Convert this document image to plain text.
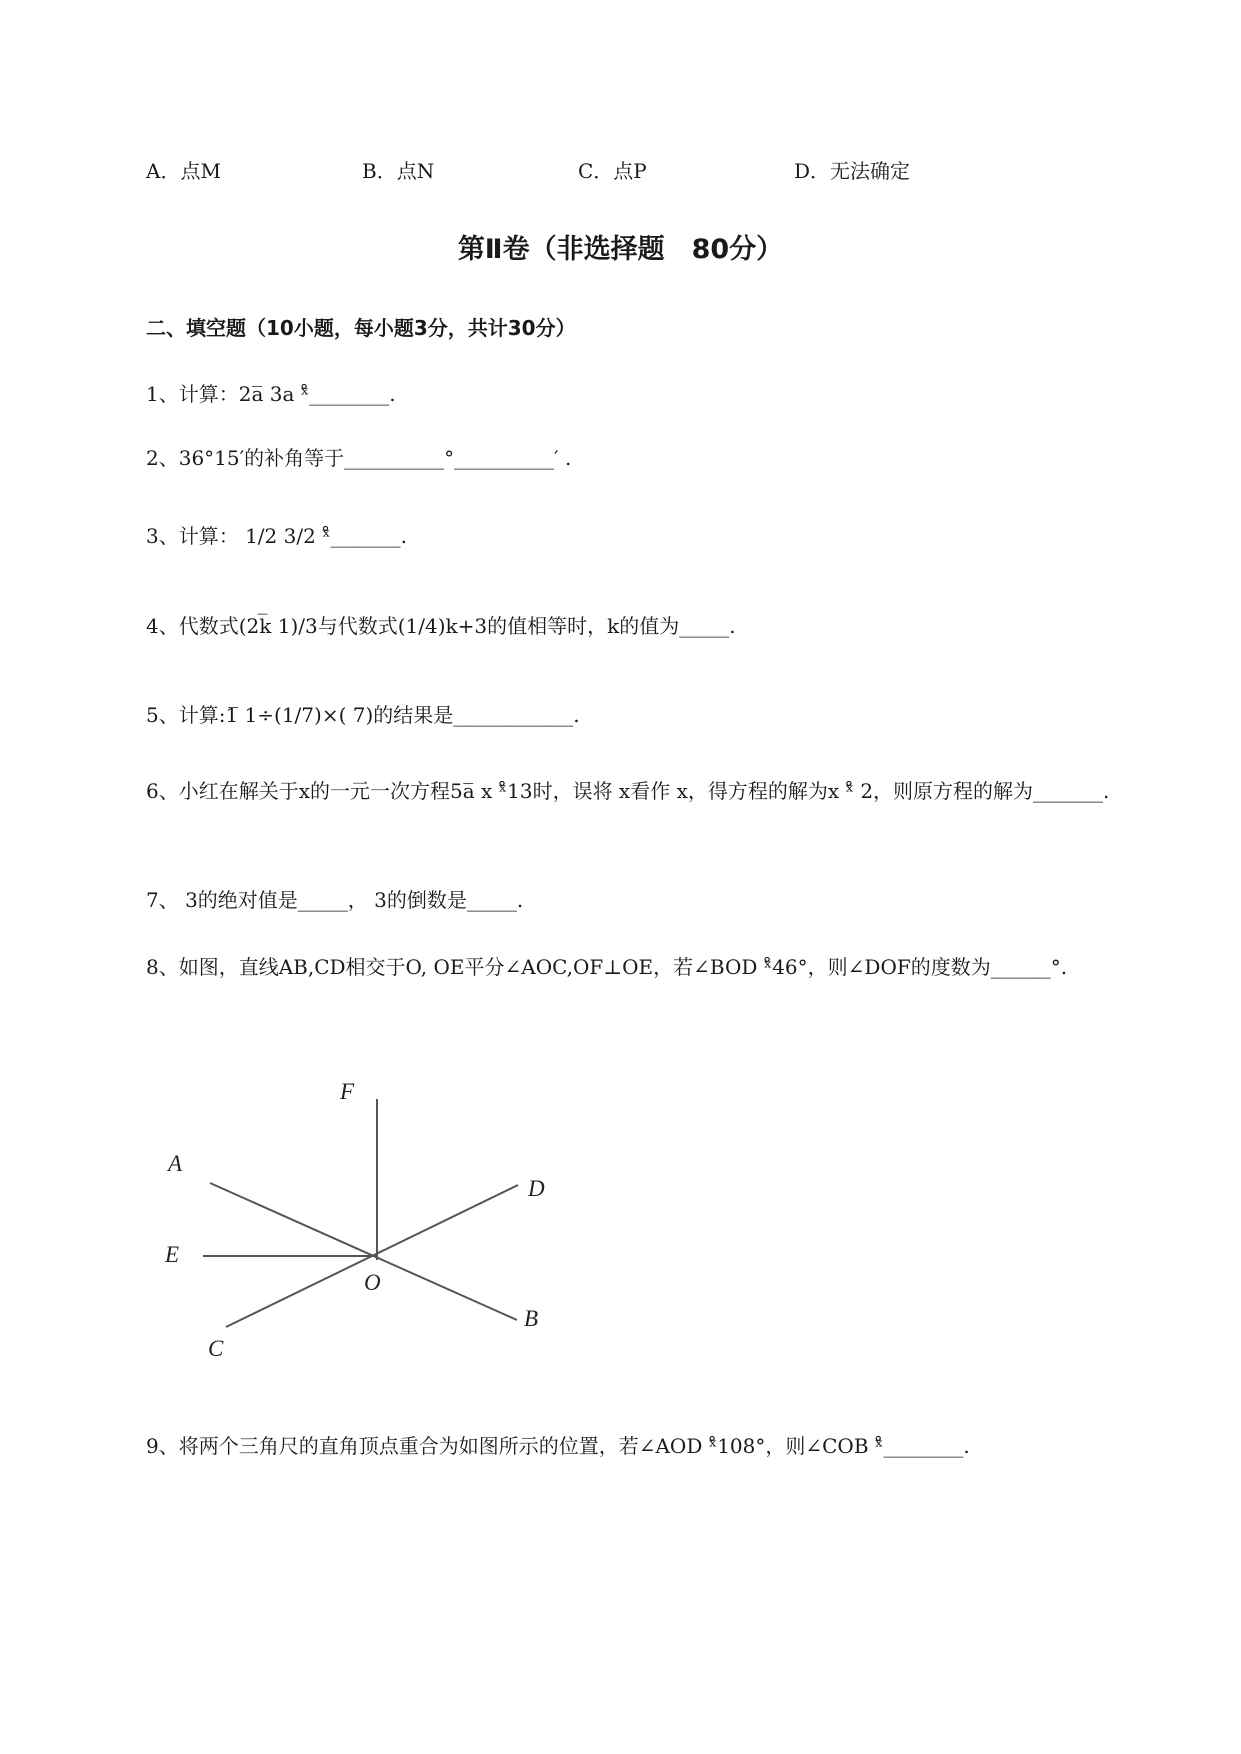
A．点M	B．点N	C．点P	D．无法确定
第Ⅱ卷（非选择题　80分）
二、填空题（10小题，每小题3分，共计30分）
1、计算：2a̅ 3a ˣ̊________.
2、36°15′的补角等于__________°__________′ .
3、计算： 1/2 3/2 ˣ̊_______.
4、代数式(2k̅ 1)/3与代数式(1/4)k+3的值相等时，k的值为_____.
5、计算:1̅ 1÷(1/7)×( 7)的结果是____________.
6、小红在解关于x的一元一次方程5a̅ x ˣ̊13时，误将 x看作 x，得方程的解为x ˣ̊ 2，则原方程的解为_______.
7、 3的绝对值是_____， 3的倒数是_____.
8、如图，直线AB,CD相交于O, OE平分∠AOC,OF⊥OE，若∠BOD ˣ̊46°，则∠DOF的度数为______°.
F
A
D
E
O
B
C
9、将两个三角尺的直角顶点重合为如图所示的位置，若∠AOD ˣ̊108°，则∠COB ˣ̊________.
